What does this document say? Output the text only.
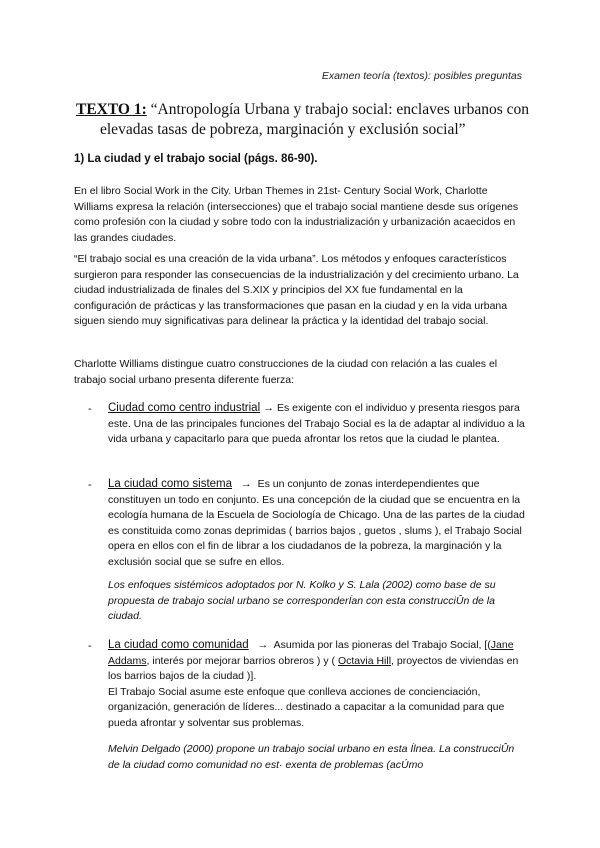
Examen teoría (textos): posibles preguntas
TEXTO 1: “Antropología Urbana y trabajo social: enclaves urbanos con
elevadas tasas de pobreza, marginación y exclusión social”
1) La ciudad y el trabajo social (págs. 86-90).

En el libro Social Work in the City. Urban Themes in 21st- Century Social Work, Charlotte Williams expresa la relación (intersecciones) que el trabajo social mantiene desde sus orígenes como profesión con la ciudad y sobre todo con la industrialización y urbanización acaecidos en las grandes ciudades.

“El trabajo social es una creación de la vida urbana”. Los métodos y enfoques característicos surgieron para responder las consecuencias de la industrialización y del crecimiento urbano. La ciudad industrializada de finales del S.XIX y principios del XX fue fundamental en la configuración de prácticas y las transformaciones que pasan en la ciudad y en la vida urbana siguen siendo muy significativas para delinear la práctica y la identidad del trabajo social.

Charlotte Williams distingue cuatro construcciones de la ciudad con relación a las cuales el trabajo social urbano presenta diferente fuerza:

- Ciudad como centro industrial → Es exigente con el individuo y presenta riesgos para este. Una de las principales funciones del Trabajo Social es la de adaptar al individuo a la vida urbana y capacitarlo para que pueda afrontar los retos que la ciudad le plantea.

- La ciudad como sistema →  Es un conjunto de zonas interdependientes que constituyen un todo en conjunto. Es una concepción de la ciudad que se encuentra en la ecología humana de la Escuela de Sociología de Chicago. Una de las partes de la ciudad es constituida como zonas deprimidas ( barrios bajos , guetos , slums ), el Trabajo Social opera en ellos con el fin de librar a los ciudadanos de la pobreza, la marginación y la exclusión social que se sufre en ellos.

Los enfoques sistémicos adoptados por N. Kolko y S. Lala (2002) como base de su propuesta de trabajo social urbano se corresponderÍan con esta construcciÛn de la ciudad.

- La ciudad como comunidad →  Asumida por las pioneras del Trabajo Social, [(Jane Addams, interés por mejorar barrios obreros ) y ( Octavia Hill, proyectos de viviendas en los barrios bajos de la ciudad )].
El Trabajo Social asume este enfoque que conlleva acciones de concienciación, organización, generación de líderes... destinado a capacitar a la comunidad para que pueda afrontar y solventar sus problemas.

Melvin Delgado (2000) propone un trabajo social urbano en esta Ílnea. La construcciÛn de la ciudad como comunidad no est· exenta de problemas (acÚmo
